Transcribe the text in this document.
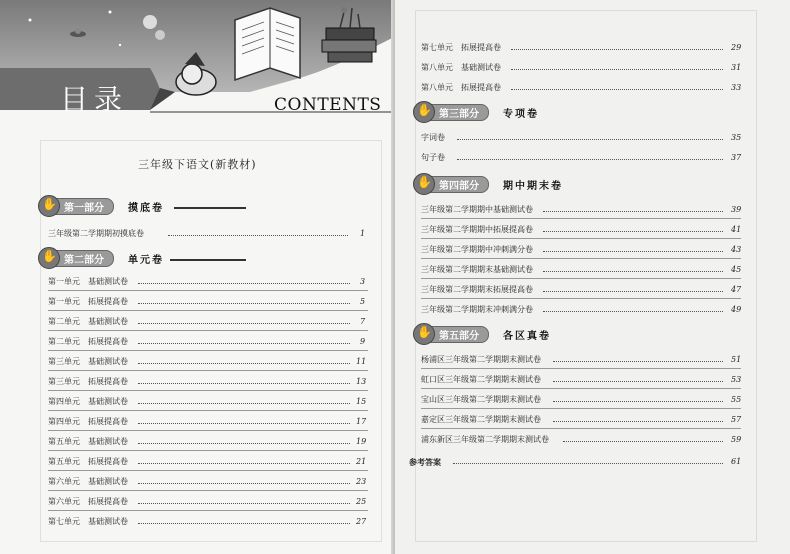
目录	CONTENTS
三年级下语文(新教材)
✋
第一部分 摸底卷
三年级第二学期期初摸底卷	1
✋
第二部分 单元卷
第一单元　基础测试卷	3
第一单元　拓展提高卷	5
第二单元　基础测试卷	7
第二单元　拓展提高卷	9
第三单元　基础测试卷	11
第三单元　拓展提高卷	13
第四单元　基础测试卷	15
第四单元　拓展提高卷	17
第五单元　基础测试卷	19
第五单元　拓展提高卷	21
第六单元　基础测试卷	23
第六单元　拓展提高卷	25
第七单元　基础测试卷	27
第七单元　拓展提高卷	29
第八单元　基础测试卷	31
第八单元　拓展提高卷	33
✋
第三部分 专项卷
字词卷	35
句子卷	37
✋
第四部分 期中期末卷
三年级第二学期期中基础测试卷	39
三年级第二学期期中拓展提高卷	41
三年级第二学期期中冲刺满分卷	43
三年级第二学期期末基础测试卷	45
三年级第二学期期末拓展提高卷	47
三年级第二学期期末冲刺满分卷	49
✋
第五部分 各区真卷
杨浦区三年级第二学期期末测试卷	51
虹口区三年级第二学期期末测试卷	53
宝山区三年级第二学期期末测试卷	55
嘉定区三年级第二学期期末测试卷	57
浦东新区三年级第二学期期末测试卷	59
参考答案	61
